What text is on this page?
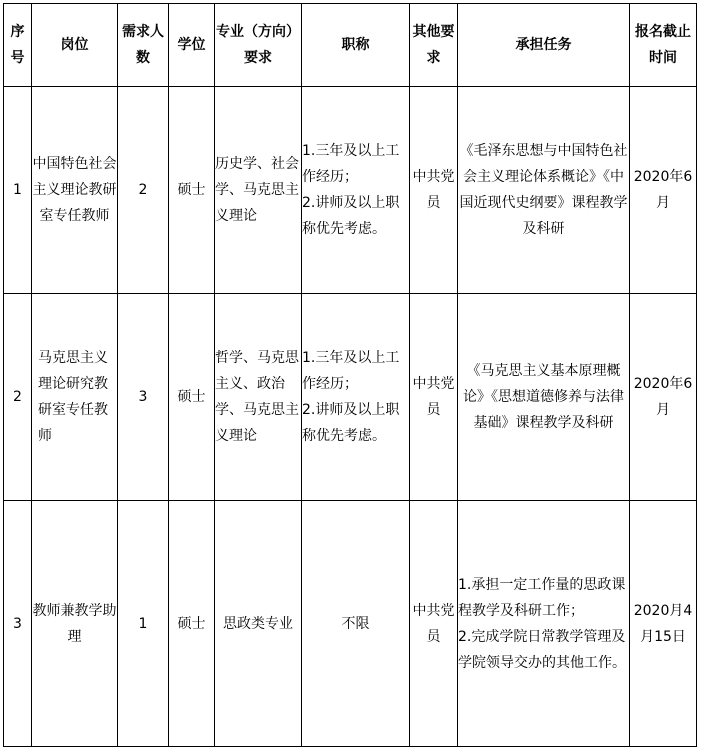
序号	岗位	需求人数	学位	专业（方向）要求	职称	其他要求	承担任务	报名截止时间
1	中国特色社会主义理论教研室专任教师	2	硕士	历史学、社会学、马克思主义理论	1.三年及以上工作经历；
2.讲师及以上职称优先考虑。	中共党员	《毛泽东思想与中国特色社会主义理论体系概论》《中国近现代史纲要》课程教学及科研	2020年6月
2	马克思主义理论研究教研室专任教师	3	硕士	哲学、马克思主义、政治学、马克思主义理论	1.三年及以上工作经历；
2.讲师及以上职称优先考虑。	中共党员	《马克思主义基本原理概论》《思想道德修养与法律基础》课程教学及科研	2020年6月
3	教师兼教学助理	1	硕士	思政类专业	不限	中共党员	1.承担一定工作量的思政课程教学及科研工作；
2.完成学院日常教学管理及学院领导交办的其他工作。	2020月4月15日
